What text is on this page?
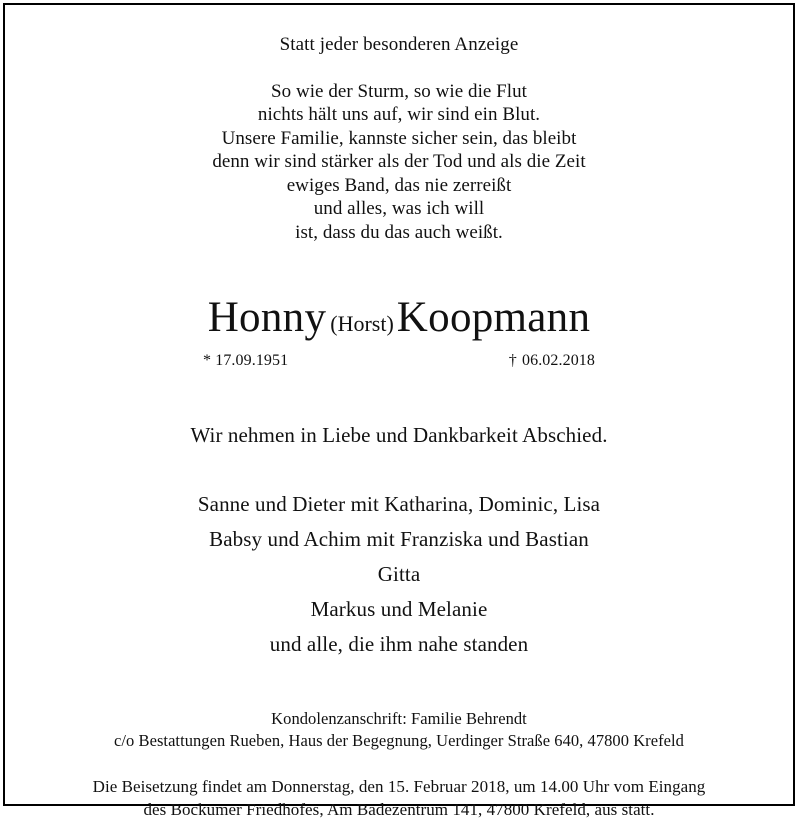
Statt jeder besonderen Anzeige
So wie der Sturm, so wie die Flut
nichts hält uns auf, wir sind ein Blut.
Unsere Familie, kannste sicher sein, das bleibt
denn wir sind stärker als der Tod und als die Zeit
ewiges Band, das nie zerreißt
und alles, was ich will
ist, dass du das auch weißt.
Honny (Horst)Koopmann
* 17.09.1951	† 06.02.2018
Wir nehmen in Liebe und Dankbarkeit Abschied.
Sanne und Dieter mit Katharina, Dominic, Lisa
Babsy und Achim mit Franziska und Bastian
Gitta
Markus und Melanie
und alle, die ihm nahe standen
Kondolenzanschrift: Familie Behrendt
c/o Bestattungen Rueben, Haus der Begegnung, Uerdinger Straße 640, 47800 Krefeld
Die Beisetzung findet am Donnerstag, den 15. Februar 2018, um 14.00 Uhr vom Eingang
des Bockumer Friedhofes, Am Badezentrum 141, 47800 Krefeld, aus statt.
